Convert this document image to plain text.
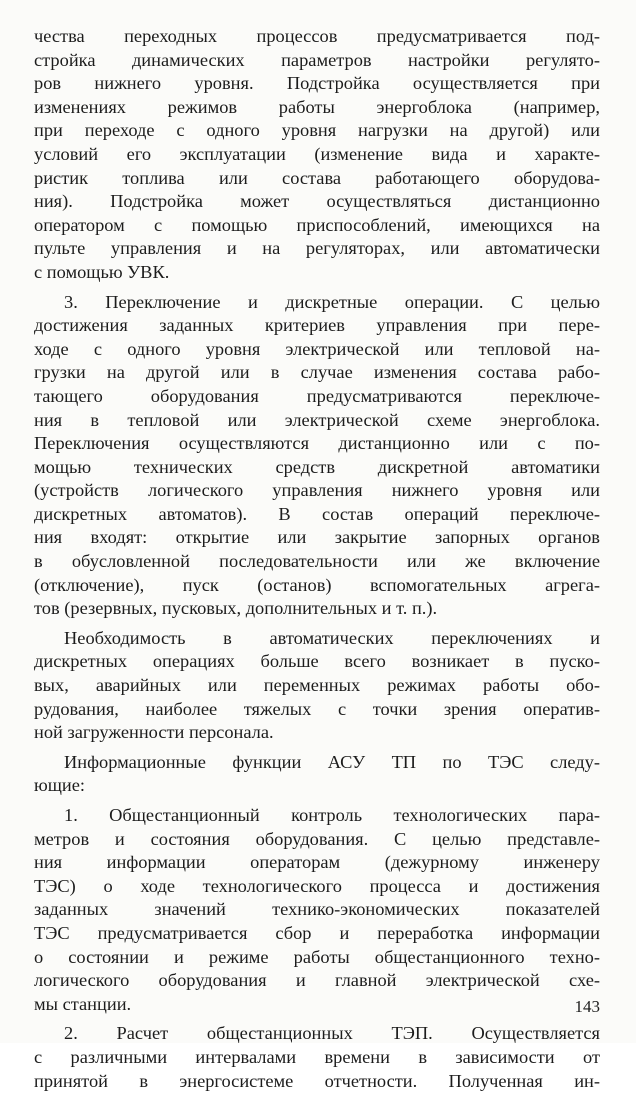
чества переходных процессов предусматривается под-
стройка динамических параметров настройки регулято-
ров нижнего уровня. Подстройка осуществляется при
изменениях режимов работы энергоблока (например,
при переходе с одного уровня нагрузки на другой) или
условий его эксплуатации (изменение вида и характе-
ристик топлива или состава работающего оборудова-
ния). Подстройка может осуществляться дистанционно
оператором с помощью приспособлений, имеющихся на
пульте управления и на регуляторах, или автоматически
с помощью УВК.
3. Переключение и дискретные операции. С целью
достижения заданных критериев управления при пере-
ходе с одного уровня электрической или тепловой на-
грузки на другой или в случае изменения состава рабо-
тающего оборудования предусматриваются переключе-
ния в тепловой или электрической схеме энергоблока.
Переключения осуществляются дистанционно или с по-
мощью технических средств дискретной автоматики
(устройств логического управления нижнего уровня или
дискретных автоматов). В состав операций переключе-
ния входят: открытие или закрытие запорных органов
в обусловленной последовательности или же включение
(отключение), пуск (останов) вспомогательных агрега-
тов (резервных, пусковых, дополнительных и т. п.).
Необходимость в автоматических переключениях и
дискретных операциях больше всего возникает в пуско-
вых, аварийных или переменных режимах работы обо-
рудования, наиболее тяжелых с точки зрения оператив-
ной загруженности персонала.
Информационные функции АСУ ТП по ТЭС следу-
ющие:
1. Общестанционный контроль технологических пара-
метров и состояния оборудования. С целью представле-
ния информации операторам (дежурному инженеру
ТЭС) о ходе технологического процесса и достижения
заданных значений технико-экономических показателей
ТЭС предусматривается сбор и переработка информации
о состоянии и режиме работы общестанционного техно-
логического оборудования и главной электрической схе-
мы станции.
2. Расчет общестанционных ТЭП. Осуществляется
с различными интервалами времени в зависимости от
принятой в энергосистеме отчетности. Полученная ин-
143
